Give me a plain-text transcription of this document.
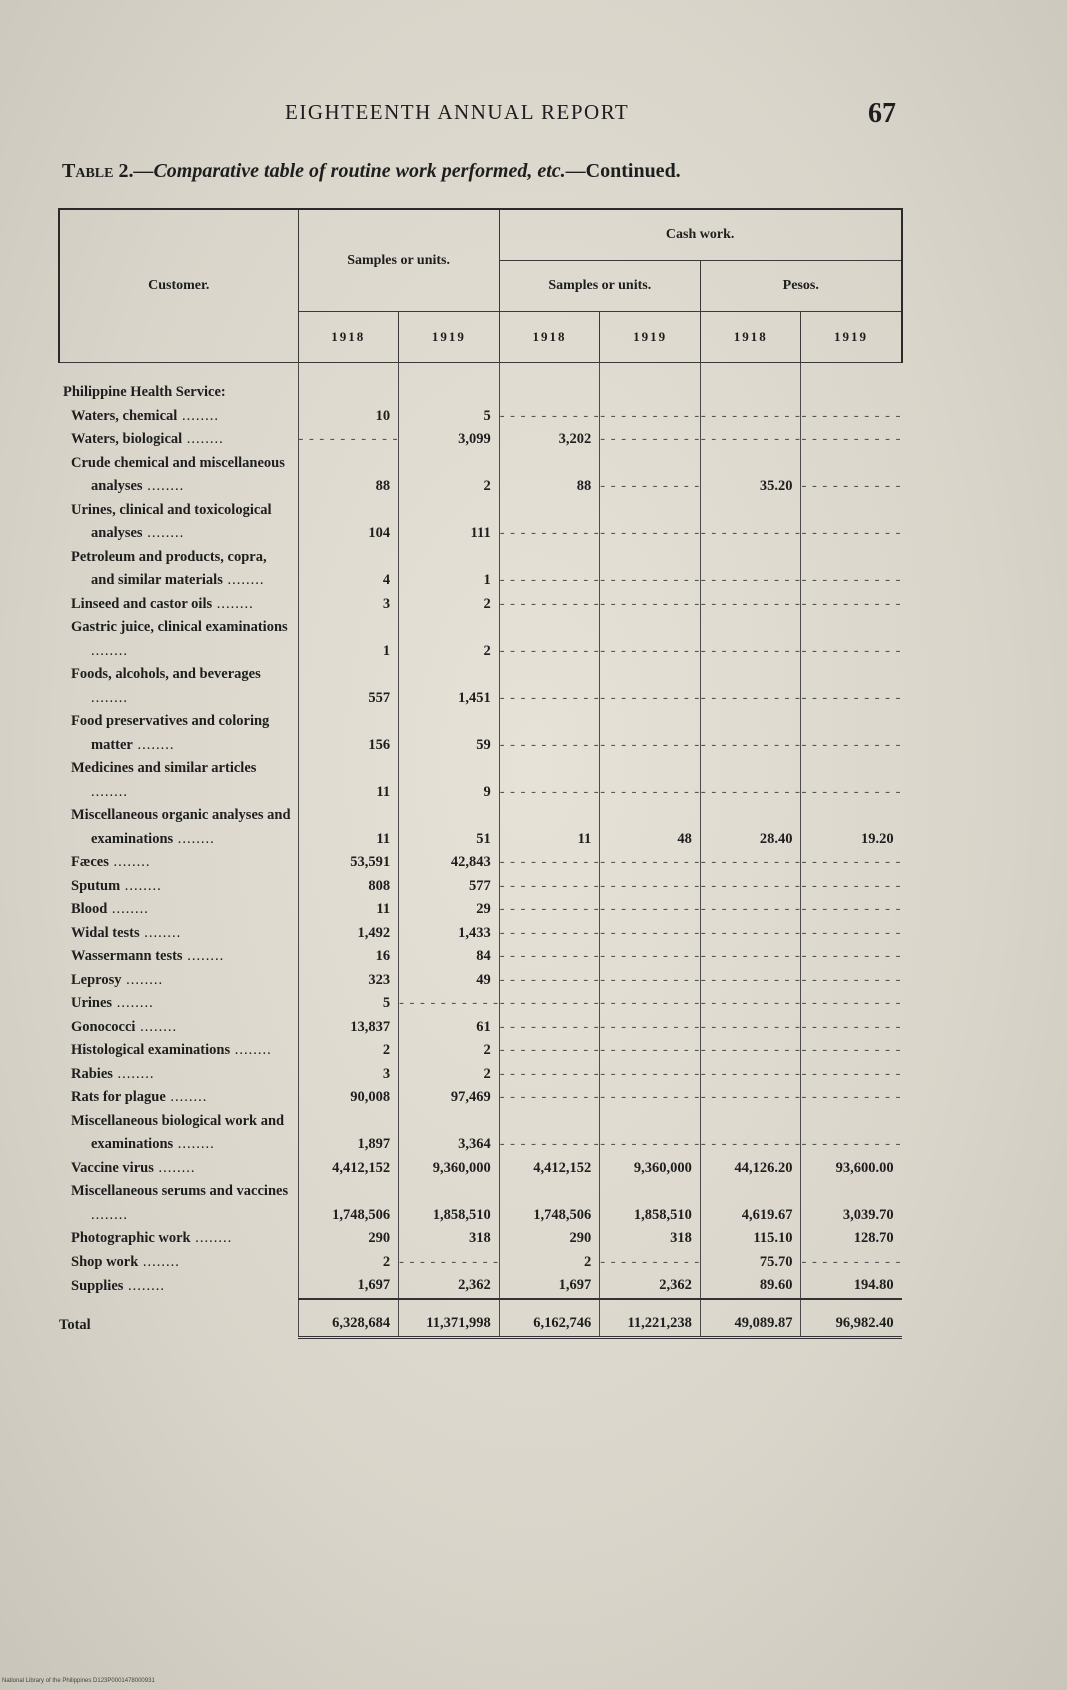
EIGHTEENTH ANNUAL REPORT	67
Table 2.—Comparative table of routine work performed, etc.—Continued.
Customer.	Samples or units.		Cash work.			
			Samples or units.		Pesos.	
	1918	1919	1918	1919	1918	1919

Philippine Health Service:						

Waters, chemical ........	10	5	- - - - - - - - - -	- - - - - - - - - -	- - - - - - - - - -	- - - - - - - - - -

Waters, biological ........	- - - - - - - - - -	3,099	3,202	- - - - - - - - - -	- - - - - - - - - -	- - - - - - - - - -

Crude chemical and miscellaneous analyses ........	88	2	88	- - - - - - - - - -	35.20	- - - - - - - - - -

Urines, clinical and toxicological analyses ........	104	111	- - - - - - - - - -	- - - - - - - - - -	- - - - - - - - - -	- - - - - - - - - -

Petroleum and products, copra, and similar materials ........	4	1	- - - - - - - - - -	- - - - - - - - - -	- - - - - - - - - -	- - - - - - - - - -

Linseed and castor oils ........	3	2	- - - - - - - - - -	- - - - - - - - - -	- - - - - - - - - -	- - - - - - - - - -

Gastric juice, clinical examinations ........	1	2	- - - - - - - - - -	- - - - - - - - - -	- - - - - - - - - -	- - - - - - - - - -

Foods, alcohols, and beverages ........	557	1,451	- - - - - - - - - -	- - - - - - - - - -	- - - - - - - - - -	- - - - - - - - - -

Food preservatives and coloring matter ........	156	59	- - - - - - - - - -	- - - - - - - - - -	- - - - - - - - - -	- - - - - - - - - -

Medicines and similar articles ........	11	9	- - - - - - - - - -	- - - - - - - - - -	- - - - - - - - - -	- - - - - - - - - -

Miscellaneous organic analyses and examinations ........	11	51	11	48	28.40	19.20

Fæces ........	53,591	42,843	- - - - - - - - - -	- - - - - - - - - -	- - - - - - - - - -	- - - - - - - - - -

Sputum ........	808	577	- - - - - - - - - -	- - - - - - - - - -	- - - - - - - - - -	- - - - - - - - - -

Blood ........	11	29	- - - - - - - - - -	- - - - - - - - - -	- - - - - - - - - -	- - - - - - - - - -

Widal tests ........	1,492	1,433	- - - - - - - - - -	- - - - - - - - - -	- - - - - - - - - -	- - - - - - - - - -

Wassermann tests ........	16	84	- - - - - - - - - -	- - - - - - - - - -	- - - - - - - - - -	- - - - - - - - - -

Leprosy ........	323	49	- - - - - - - - - -	- - - - - - - - - -	- - - - - - - - - -	- - - - - - - - - -

Urines ........	5	- - - - - - - - - -	- - - - - - - - - -	- - - - - - - - - -	- - - - - - - - - -	- - - - - - - - - -

Gonococci ........	13,837	61	- - - - - - - - - -	- - - - - - - - - -	- - - - - - - - - -	- - - - - - - - - -

Histological examinations ........	2	2	- - - - - - - - - -	- - - - - - - - - -	- - - - - - - - - -	- - - - - - - - - -

Rabies ........	3	2	- - - - - - - - - -	- - - - - - - - - -	- - - - - - - - - -	- - - - - - - - - -

Rats for plague ........	90,008	97,469	- - - - - - - - - -	- - - - - - - - - -	- - - - - - - - - -	- - - - - - - - - -

Miscellaneous biological work and examinations ........	1,897	3,364	- - - - - - - - - -	- - - - - - - - - -	- - - - - - - - - -	- - - - - - - - - -

Vaccine virus ........	4,412,152	9,360,000	4,412,152	9,360,000	44,126.20	93,600.00

Miscellaneous serums and vaccines ........	1,748,506	1,858,510	1,748,506	1,858,510	4,619.67	3,039.70

Photographic work ........	290	318	290	318	115.10	128.70

Shop work ........	2	- - - - - - - - - -	2	- - - - - - - - - -	75.70	- - - - - - - - - -

Supplies ........	1,697	2,362	1,697	2,362	89.60	194.80
Total	6,328,684	11,371,998	6,162,746	11,221,238	49,089.87	96,982.40
National Library of the Philippines D123P0001478000931
